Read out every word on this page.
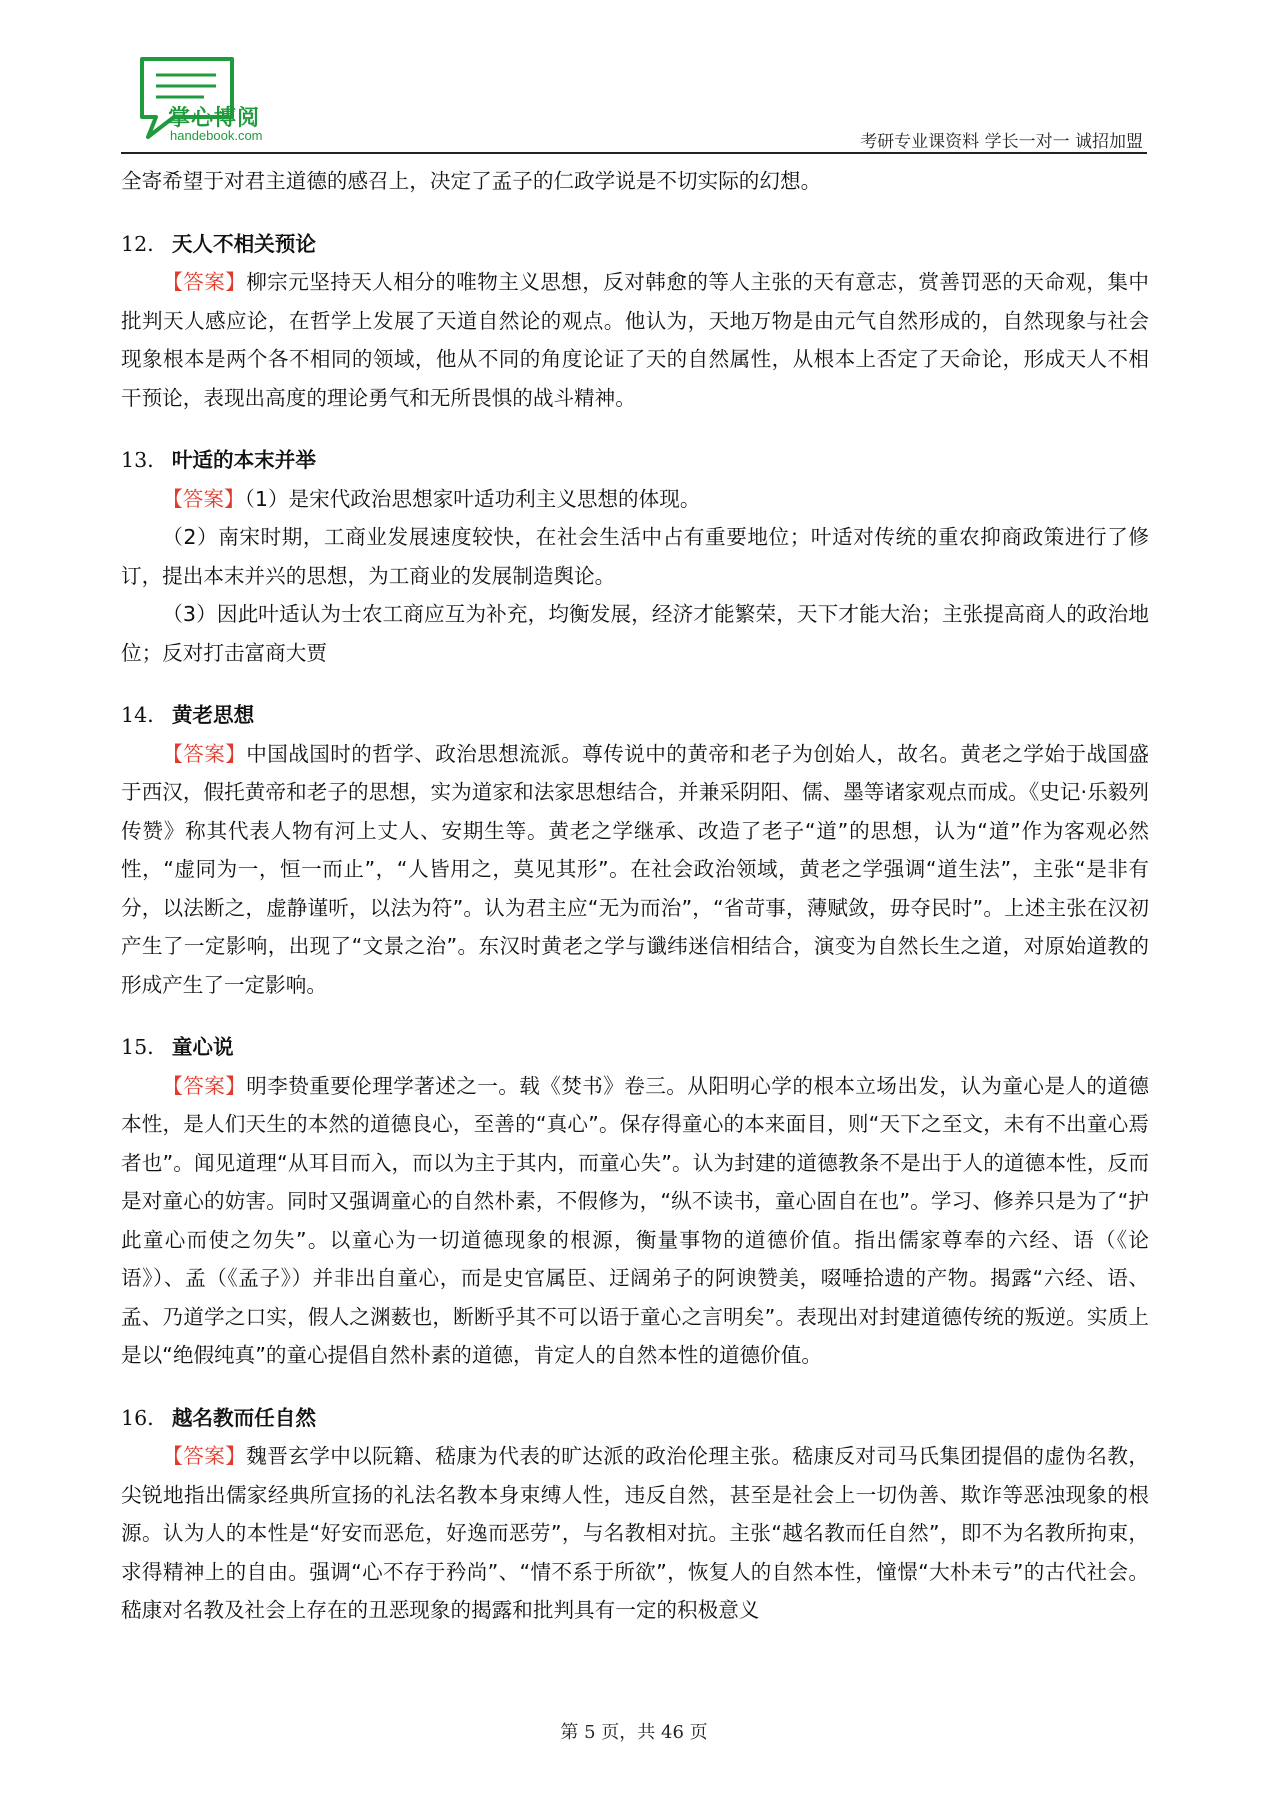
掌心博阅
handebook.com	考研专业课资料 学长一对一 诚招加盟

全寄希望于对君主道德的感召上，决定了孟子的仁政学说是不切实际的幻想。

12． 天人不相关预论

【答案】柳宗元坚持天人相分的唯物主义思想，反对韩愈的等人主张的天有意志，赏善罚恶的天命观，集中批判天人感应论，在哲学上发展了天道自然论的观点。他认为，天地万物是由元气自然形成的，自然现象与社会现象根本是两个各不相同的领域，他从不同的角度论证了天的自然属性，从根本上否定了天命论，形成天人不相干预论，表现出高度的理论勇气和无所畏惧的战斗精神。

13． 叶适的本末并举

【答案】（1）是宋代政治思想家叶适功利主义思想的体现。

（2）南宋时期，工商业发展速度较快，在社会生活中占有重要地位；叶适对传统的重农抑商政策进行了修订，提出本末并兴的思想，为工商业的发展制造舆论。

（3）因此叶适认为士农工商应互为补充，均衡发展，经济才能繁荣，天下才能大治；主张提高商人的政治地位；反对打击富商大贾

14． 黄老思想

【答案】中国战国时的哲学、政治思想流派。尊传说中的黄帝和老子为创始人，故名。黄老之学始于战国盛于西汉，假托黄帝和老子的思想，实为道家和法家思想结合，并兼采阴阳、儒、墨等诸家观点而成。《史记·乐毅列传赞》称其代表人物有河上丈人、安期生等。黄老之学继承、改造了老子“道”的思想，认为“道”作为客观必然性，“虚同为一，恒一而止”，“人皆用之，莫见其形”。在社会政治领域，黄老之学强调“道生法”，主张“是非有分，以法断之，虚静谨听，以法为符”。认为君主应“无为而治”，“省苛事，薄赋敛，毋夺民时”。上述主张在汉初产生了一定影响，出现了“文景之治”。东汉时黄老之学与谶纬迷信相结合，演变为自然长生之道，对原始道教的形成产生了一定影响。

15． 童心说

【答案】明李贽重要伦理学著述之一。载《焚书》卷三。从阳明心学的根本立场出发，认为童心是人的道德本性，是人们天生的本然的道德良心，至善的“真心”。保存得童心的本来面目，则“天下之至文，未有不出童心焉者也”。闻见道理“从耳目而入，而以为主于其内，而童心失”。认为封建的道德教条不是出于人的道德本性，反而是对童心的妨害。同时又强调童心的自然朴素，不假修为，“纵不读书，童心固自在也”。学习、修养只是为了“护此童心而使之勿失”。以童心为一切道德现象的根源，衡量事物的道德价值。指出儒家尊奉的六经、语（《论语》）、孟（《孟子》）并非出自童心，而是史官属臣、迂阔弟子的阿谀赞美，啜唾拾遗的产物。揭露“六经、语、孟、乃道学之口实，假人之渊薮也，断断乎其不可以语于童心之言明矣”。表现出对封建道德传统的叛逆。实质上是以“绝假纯真”的童心提倡自然朴素的道德，肯定人的自然本性的道德价值。

16． 越名教而任自然

【答案】魏晋玄学中以阮籍、嵇康为代表的旷达派的政治伦理主张。嵇康反对司马氏集团提倡的虚伪名教，尖锐地指出儒家经典所宣扬的礼法名教本身束缚人性，违反自然，甚至是社会上一切伪善、欺诈等恶浊现象的根源。认为人的本性是“好安而恶危，好逸而恶劳”，与名教相对抗。主张“越名教而任自然”，即不为名教所拘束，求得精神上的自由。强调“心不存于矜尚”、“情不系于所欲”，恢复人的自然本性，憧憬“大朴未亏”的古代社会。嵇康对名教及社会上存在的丑恶现象的揭露和批判具有一定的积极意义

第 5 页，共 46 页
